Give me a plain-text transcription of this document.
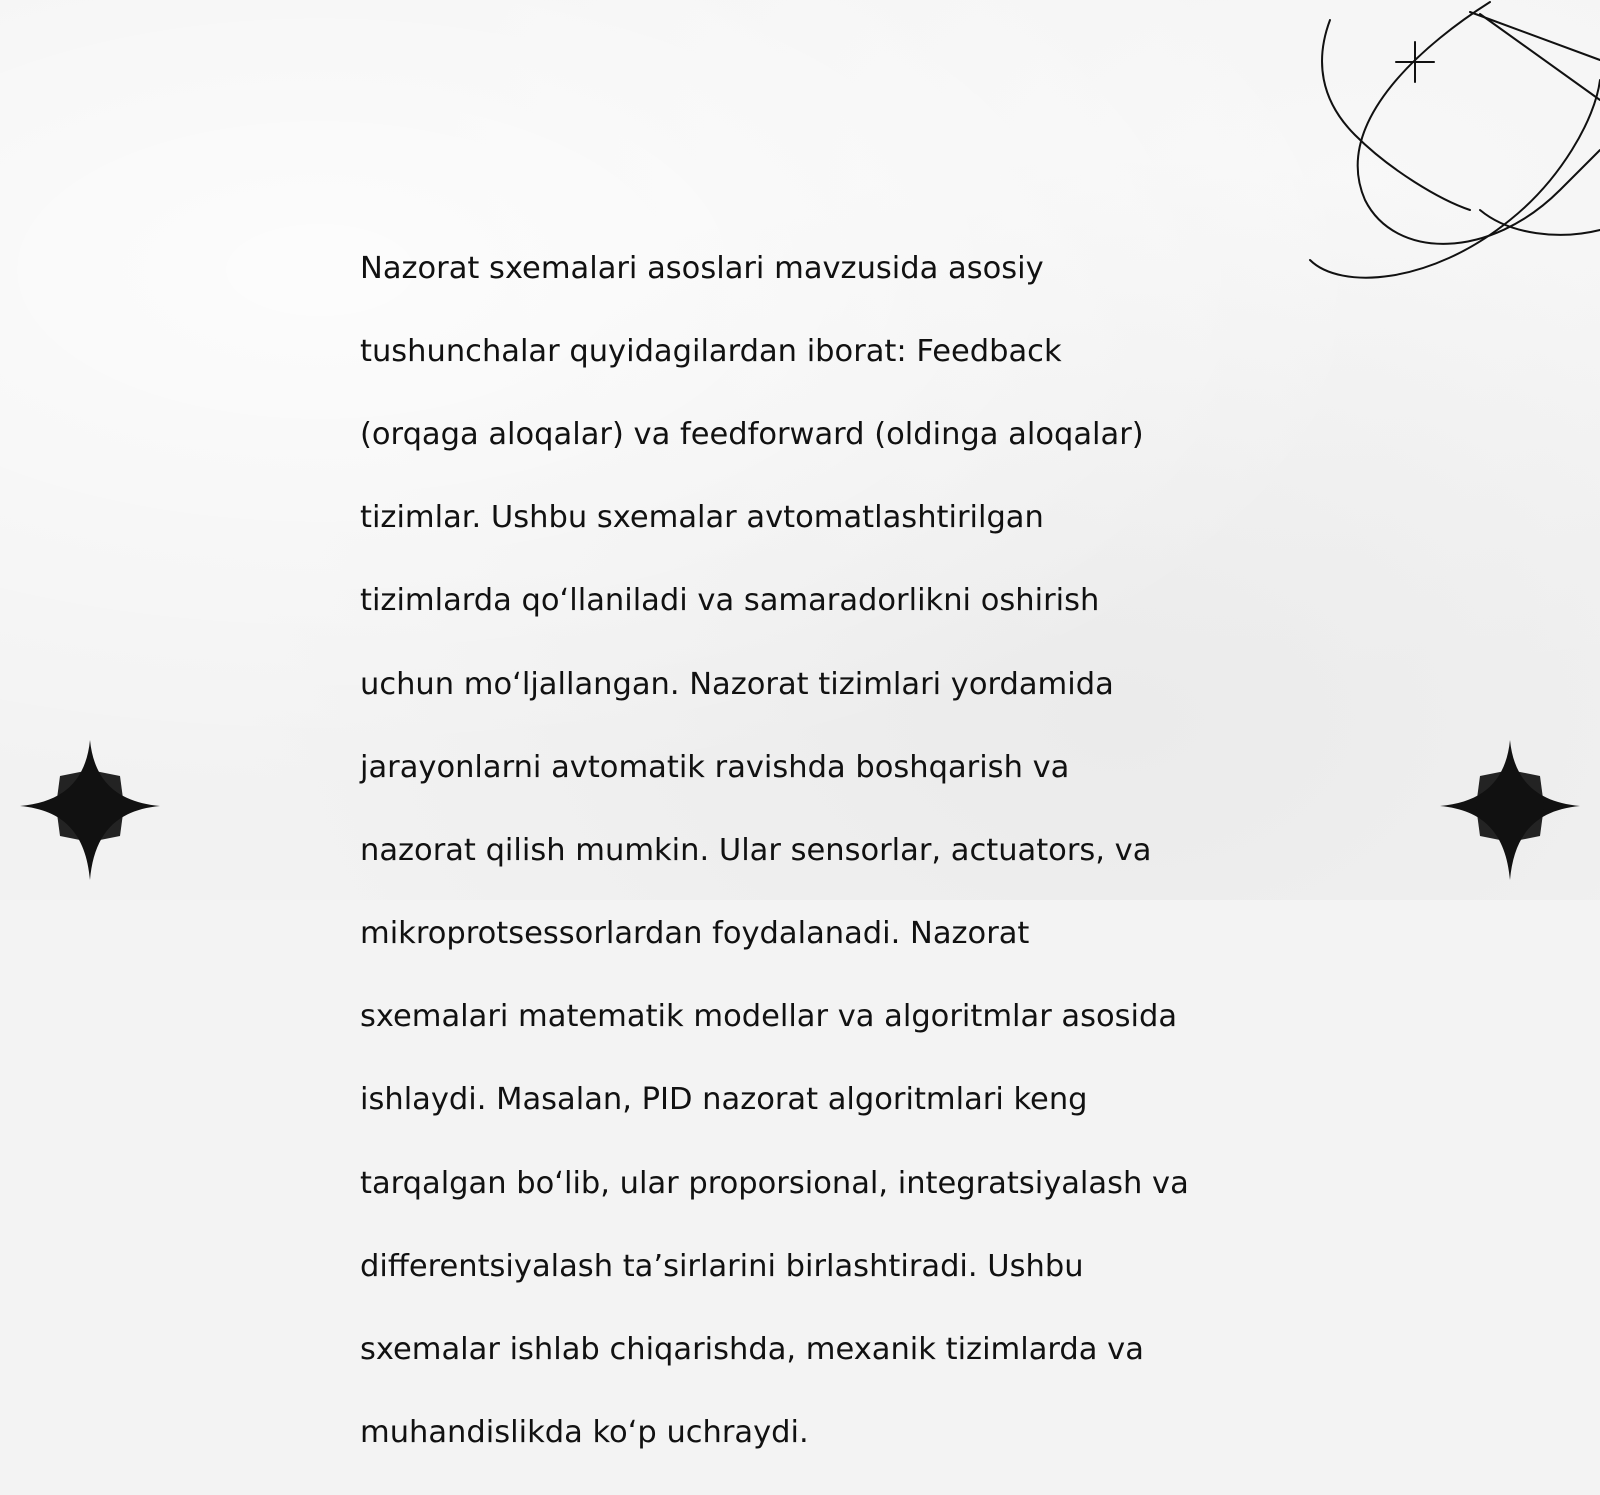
Nazorat sxemalari asoslari mavzusida asosiy

tushunchalar quyidagilardan iborat: Feedback

(orqaga aloqalar) va feedforward (oldinga aloqalar)

tizimlar. Ushbu sxemalar avtomatlashtirilgan

tizimlarda qoʻllaniladi va samaradorlikni oshirish

uchun moʻljallangan. Nazorat tizimlari yordamida

jarayonlarni avtomatik ravishda boshqarish va

nazorat qilish mumkin. Ular sensorlar, actuators, va

mikroprotsessorlardan foydalanadi. Nazorat

sxemalari matematik modellar va algoritmlar asosida

ishlaydi. Masalan, PID nazorat algoritmlari keng

tarqalgan boʻlib, ular proporsional, integratsiyalash va

differentsiyalash taʼsirlarini birlashtiradi. Ushbu

sxemalar ishlab chiqarishda, mexanik tizimlarda va

muhandislikda koʻp uchraydi.
